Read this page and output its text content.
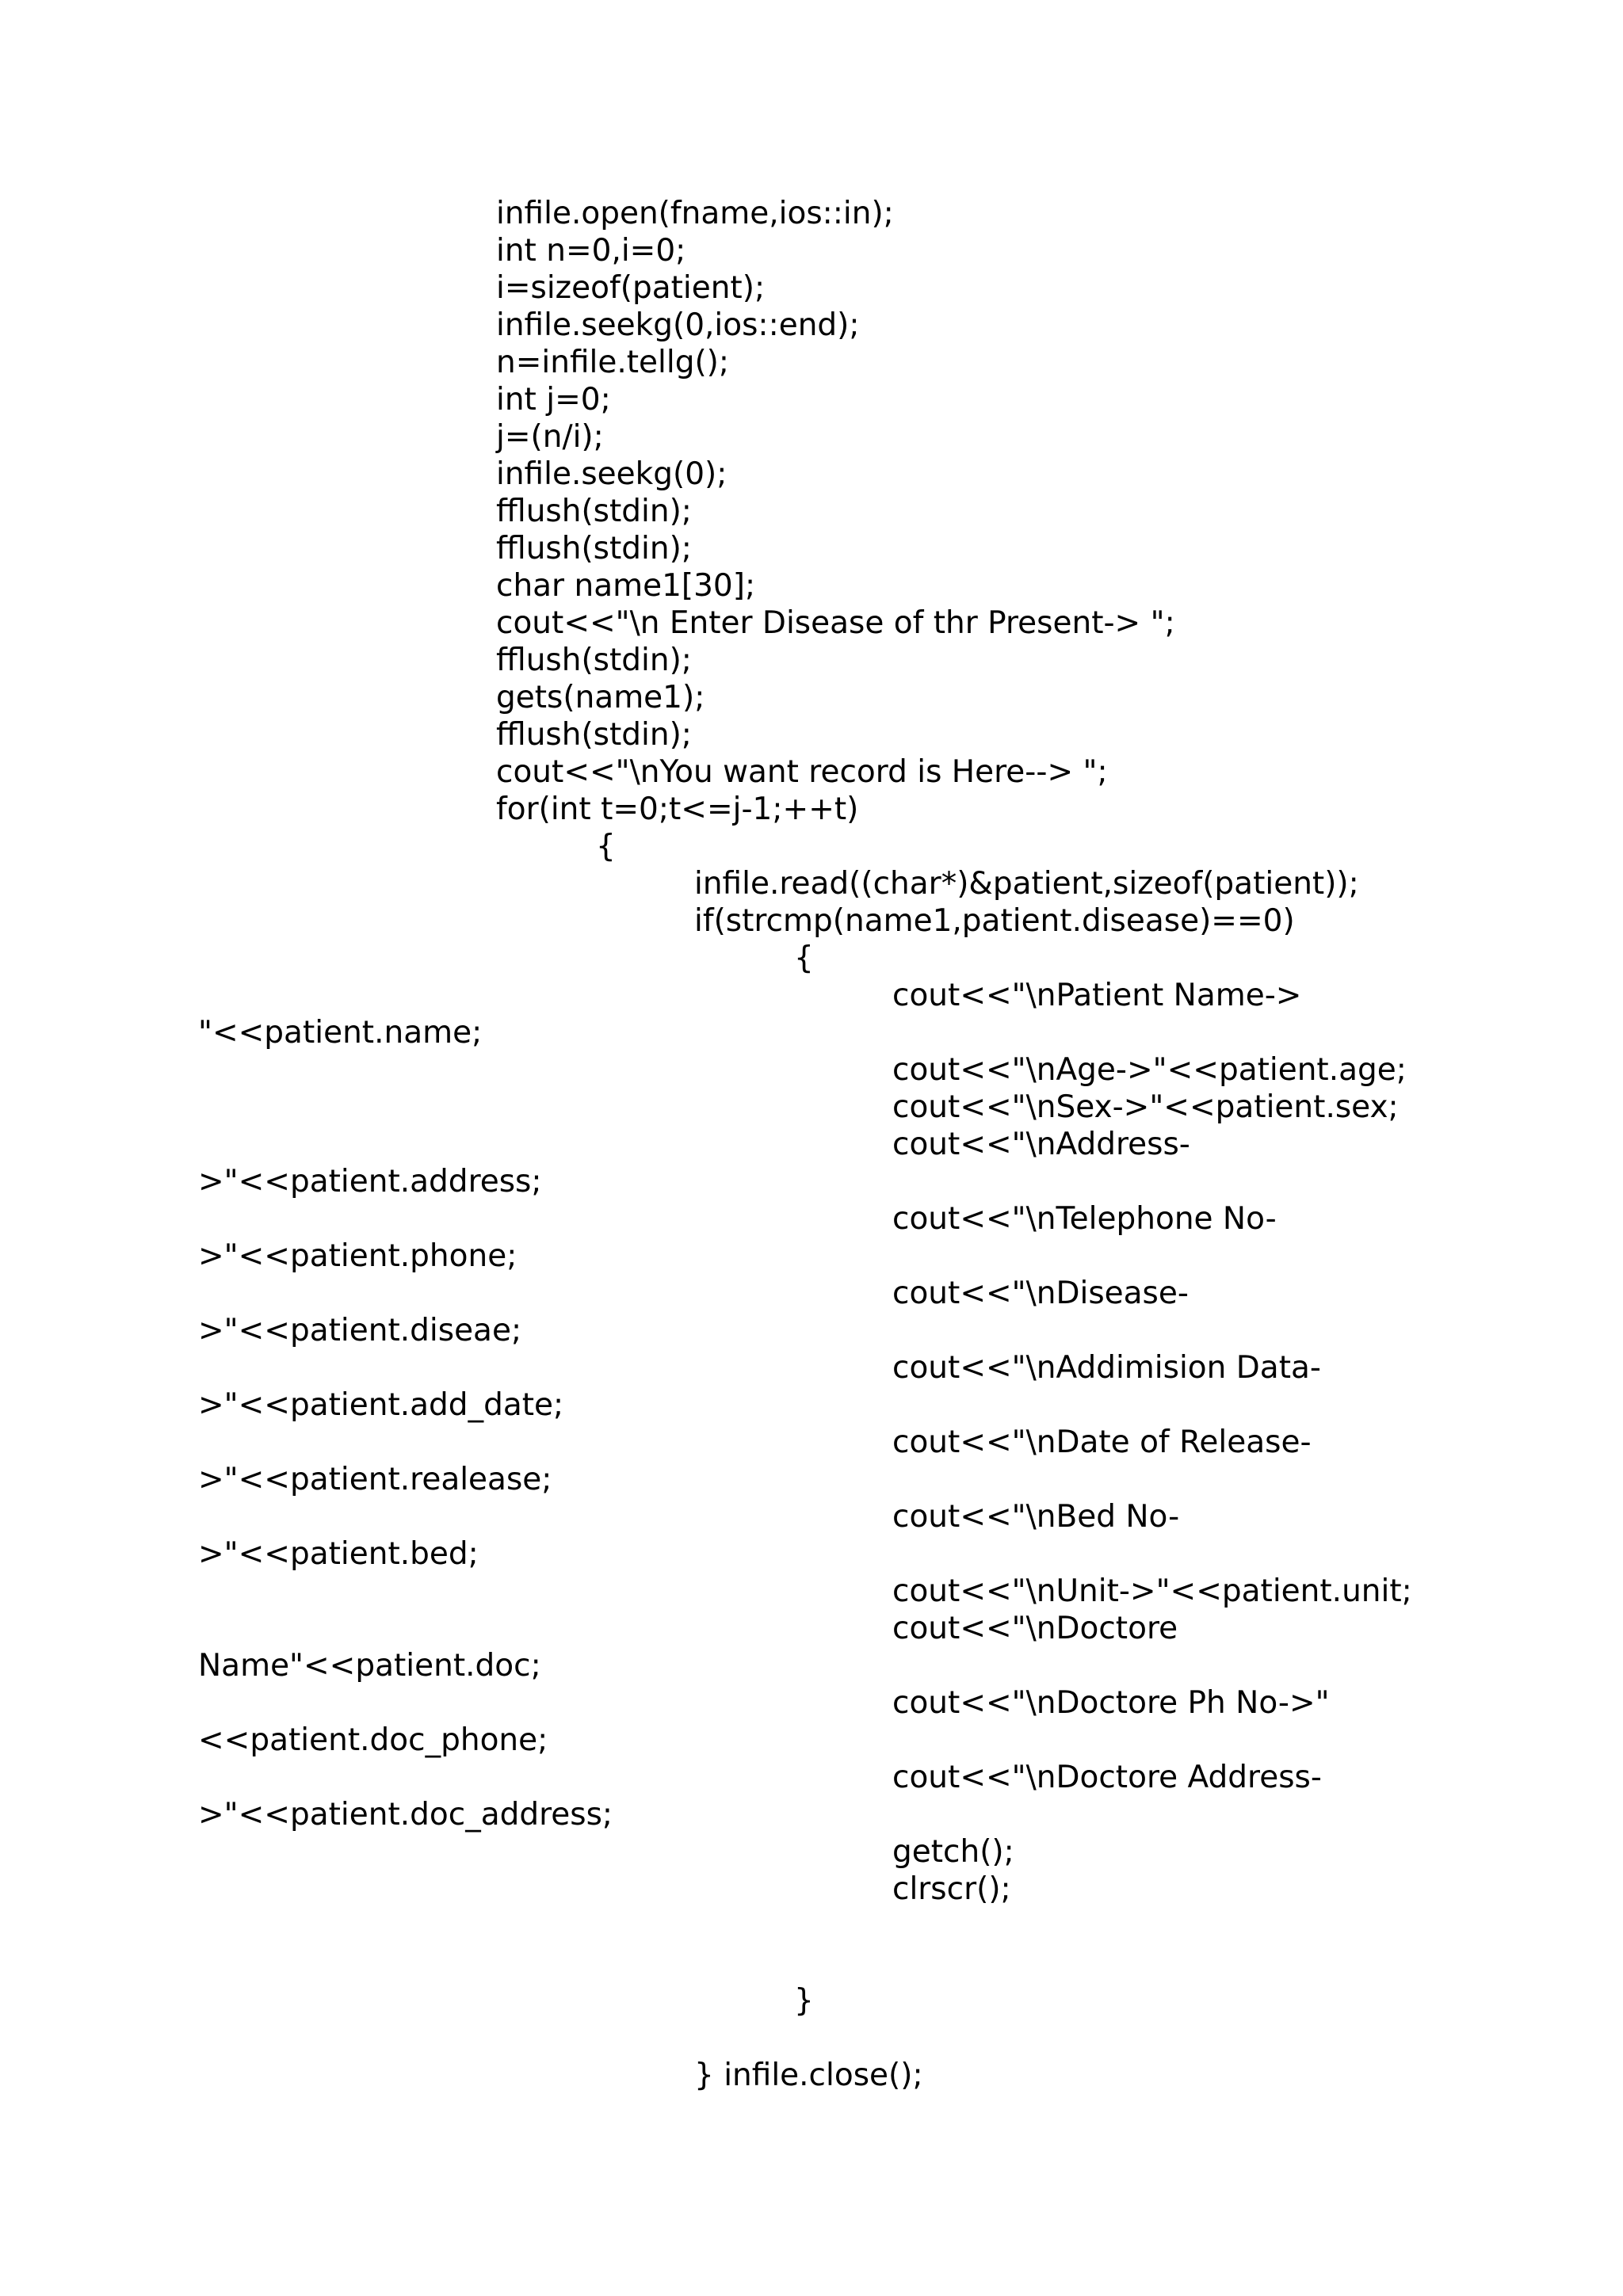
infile.open(fname,ios::in);

int n=0,i=0;

i=sizeof(patient);

infile.seekg(0,ios::end);

n=infile.tellg();

int j=0;

j=(n/i);

infile.seekg(0);

fflush(stdin);

fflush(stdin);

char name1[30];

cout<<"\n Enter Disease of thr Present-> ";

fflush(stdin);

gets(name1);

fflush(stdin);

cout<<"\nYou want record is Here--> ";

for(int t=0;t<=j-1;++t)

{

infile.read((char*)&patient,sizeof(patient));

if(strcmp(name1,patient.disease)==0)

{

cout<<"\nPatient Name->

"<<patient.name;

cout<<"\nAge->"<<patient.age;

cout<<"\nSex->"<<patient.sex;

cout<<"\nAddress-

>"<<patient.address;

cout<<"\nTelephone No-

>"<<patient.phone;

cout<<"\nDisease-

>"<<patient.diseae;

cout<<"\nAddimision Data-

>"<<patient.add_date;

cout<<"\nDate of Release-

>"<<patient.realease;

cout<<"\nBed No-

>"<<patient.bed;

cout<<"\nUnit->"<<patient.unit;

cout<<"\nDoctore

Name"<<patient.doc;

cout<<"\nDoctore Ph No->"

<<patient.doc_phone;

cout<<"\nDoctore Address-

>"<<patient.doc_address;

getch();

clrscr();

}

} infile.close();
